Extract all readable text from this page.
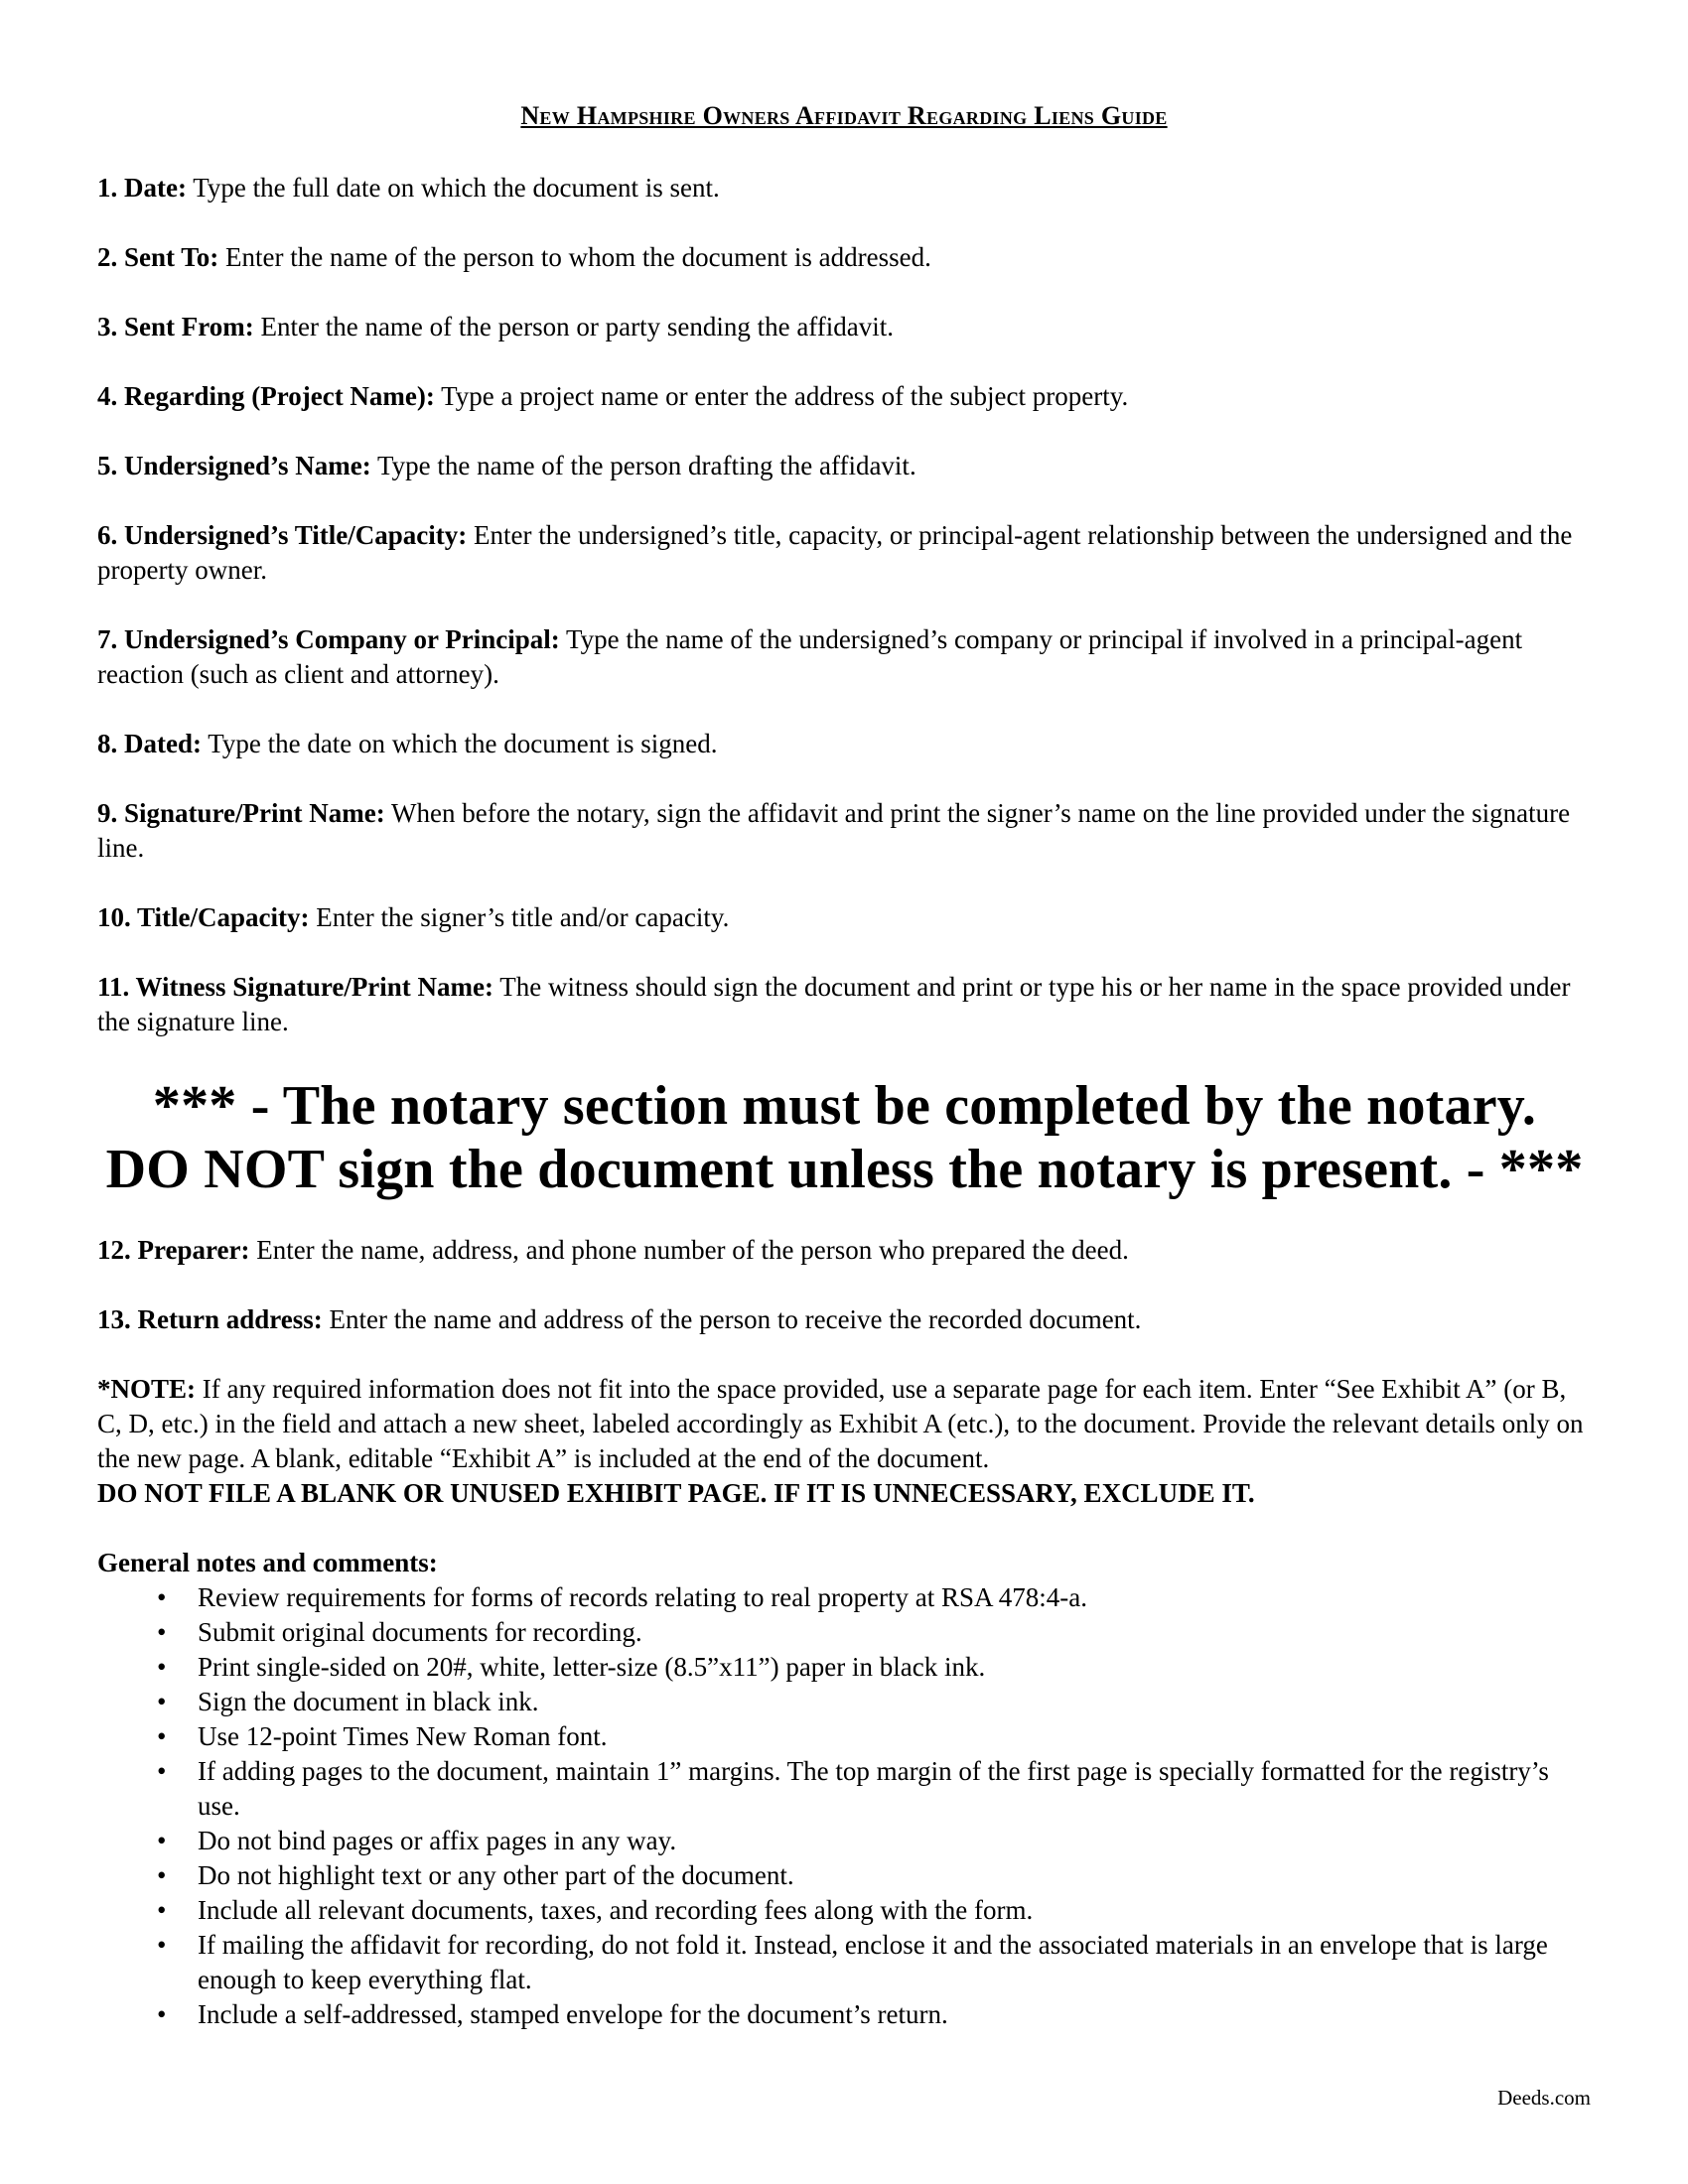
New Hampshire Owners Affidavit Regarding Liens Guide
1. Date: Type the full date on which the document is sent.
2. Sent To: Enter the name of the person to whom the document is addressed.
3. Sent From: Enter the name of the person or party sending the affidavit.
4. Regarding (Project Name): Type a project name or enter the address of the subject property.
5. Undersigned’s Name: Type the name of the person drafting the affidavit.
6. Undersigned’s Title/Capacity: Enter the undersigned’s title, capacity, or principal-agent relationship between the undersigned and the property owner.
7. Undersigned’s Company or Principal: Type the name of the undersigned’s company or principal if involved in a principal-agent reaction (such as client and attorney).
8. Dated: Type the date on which the document is signed.
9. Signature/Print Name: When before the notary, sign the affidavit and print the signer’s name on the line provided under the signature line.
10. Title/Capacity: Enter the signer’s title and/or capacity.
11. Witness Signature/Print Name: The witness should sign the document and print or type his or her name in the space provided under the signature line.
*** - The notary section must be completed by the notary.
DO NOT sign the document unless the notary is present. - ***
12. Preparer: Enter the name, address, and phone number of the person who prepared the deed.
13. Return address: Enter the name and address of the person to receive the recorded document.
*NOTE: If any required information does not fit into the space provided, use a separate page for each item. Enter “See Exhibit A” (or B, C, D, etc.) in the field and attach a new sheet, labeled accordingly as Exhibit A (etc.), to the document. Provide the relevant details only on the new page. A blank, editable “Exhibit A” is included at the end of the document.
DO NOT FILE A BLANK OR UNUSED EXHIBIT PAGE. IF IT IS UNNECESSARY, EXCLUDE IT.
General notes and comments:
• Review requirements for forms of records relating to real property at RSA 478:4-a.
• Submit original documents for recording.
• Print single-sided on 20#, white, letter-size (8.5”x11”) paper in black ink.
• Sign the document in black ink.
• Use 12-point Times New Roman font.
• If adding pages to the document, maintain 1” margins. The top margin of the first page is specially formatted for the registry’s use.
• Do not bind pages or affix pages in any way.
• Do not highlight text or any other part of the document.
• Include all relevant documents, taxes, and recording fees along with the form.
• If mailing the affidavit for recording, do not fold it. Instead, enclose it and the associated materials in an envelope that is large enough to keep everything flat.
• Include a self-addressed, stamped envelope for the document’s return.
Deeds.com
